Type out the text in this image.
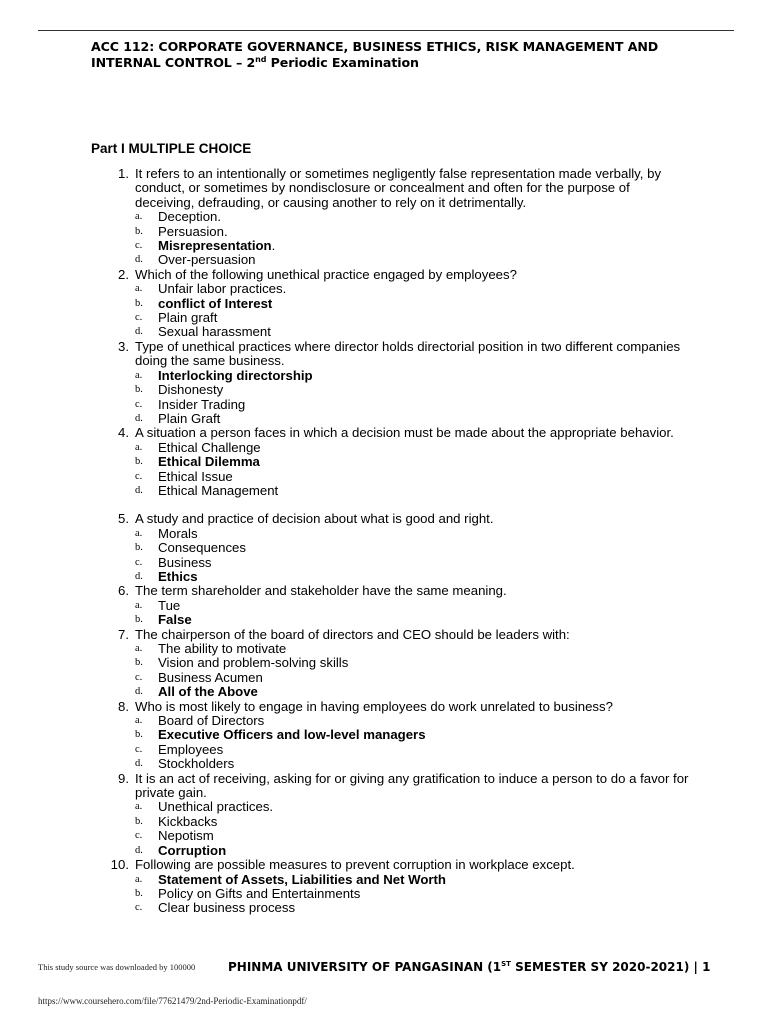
ACC 112: CORPORATE GOVERNANCE, BUSINESS ETHICS, RISK MANAGEMENT AND
INTERNAL CONTROL – 2nd Periodic Examination
Part I MULTIPLE CHOICE
1. It refers to an intentionally or sometimes negligently false representation made verbally, by conduct, or sometimes by nondisclosure or concealment and often for the purpose of deceiving, defrauding, or causing another to rely on it detrimentally.
a. Deception.
b. Persuasion.
c. Misrepresentation.
d. Over-persuasion
2. Which of the following unethical practice engaged by employees?
a. Unfair labor practices.
b. conflict of Interest
c. Plain graft
d. Sexual harassment
3. Type of unethical practices where director holds directorial position in two different companies doing the same business.
a. Interlocking directorship
b. Dishonesty
c. Insider Trading
d. Plain Graft
4. A situation a person faces in which a decision must be made about the appropriate behavior.
a. Ethical Challenge
b. Ethical Dilemma
c. Ethical Issue
d. Ethical Management
5. A study and practice of decision about what is good and right.
a. Morals
b. Consequences
c. Business
d. Ethics
6. The term shareholder and stakeholder have the same meaning.
a. Tue
b. False
7. The chairperson of the board of directors and CEO should be leaders with:
a. The ability to motivate
b. Vision and problem-solving skills
c. Business Acumen
d. All of the Above
8. Who is most likely to engage in having employees do work unrelated to business?
a. Board of Directors
b. Executive Officers and low-level managers
c. Employees
d. Stockholders
9. It is an act of receiving, asking for or giving any gratification to induce a person to do a favor for private gain.
a. Unethical practices.
b. Kickbacks
c. Nepotism
d. Corruption
10. Following are possible measures to prevent corruption in workplace except.
a. Statement of Assets, Liabilities and Net Worth
b. Policy on Gifts and Entertainments
c. Clear business process
This study source was downloaded by 100000	PHINMA UNIVERSITY OF PANGASINAN (1ST SEMESTER SY 2020-2021) | 1
https://www.coursehero.com/file/77621479/2nd-Periodic-Examinationpdf/
